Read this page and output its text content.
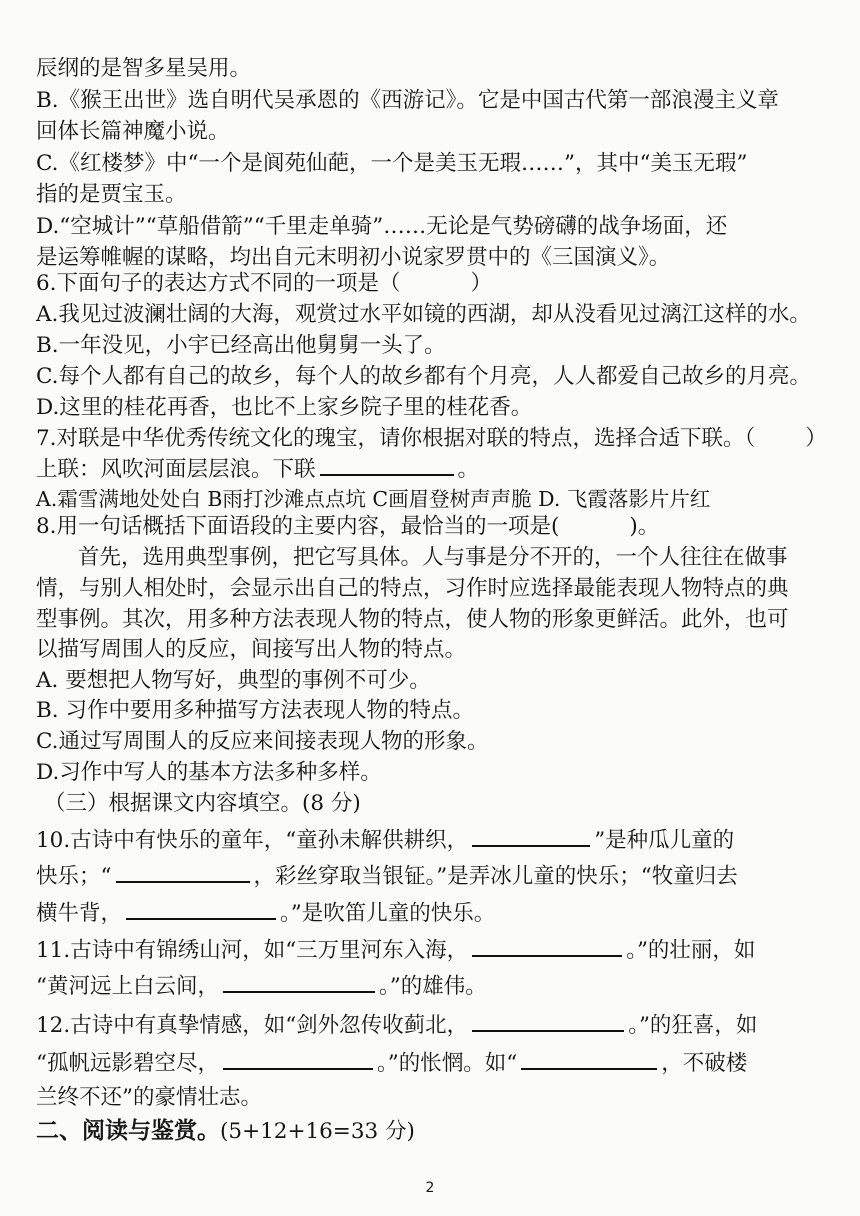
辰纲的是智多星吴用。
B.《猴王出世》选自明代吴承恩的《西游记》。它是中国古代第一部浪漫主义章
回体长篇神魔小说。
C.《红楼梦》中“一个是阆苑仙葩，一个是美玉无瑕……”，其中“美玉无瑕”
指的是贾宝玉。
D.“空城计”“草船借箭”“千里走单骑”……无论是气势磅礴的战争场面，还
是运筹帷幄的谋略，均出自元末明初小说家罗贯中的《三国演义》。
6.下面句子的表达方式不同的一项是（	）
A.我见过波澜壮阔的大海，观赏过水平如镜的西湖，却从没看见过漓江这样的水。
B.一年没见，小宇已经高出他舅舅一头了。
C.每个人都有自己的故乡，每个人的故乡都有个月亮，人人都爱自己故乡的月亮。
D.这里的桂花再香，也比不上家乡院子里的桂花香。
7.对联是中华优秀传统文化的瑰宝，请你根据对联的特点，选择合适下联。（ ）
上联：风吹河面层层浪。下联	。
A.霜雪满地处处白 B雨打沙滩点点坑 C画眉登树声声脆 D. 飞霞落影片片红
8.用一句话概括下面语段的主要内容，最恰当的一项是(	)。
首先，选用典型事例，把它写具体。人与事是分不开的，一个人往往在做事
情，与别人相处时，会显示出自己的特点，习作时应选择最能表现人物特点的典
型事例。其次，用多种方法表现人物的特点，使人物的形象更鲜活。此外，也可
以描写周围人的反应，间接写出人物的特点。
A. 要想把人物写好，典型的事例不可少。
B. 习作中要用多种描写方法表现人物的特点。
C.通过写周围人的反应来间接表现人物的形象。
D.习作中写人的基本方法多种多样。
（三）根据课文内容填空。(8 分)
10.古诗中有快乐的童年，“童孙未解供耕织，	”是种瓜儿童的
快乐；“	，彩丝穿取当银钲。”是弄冰儿童的快乐；“牧童归去
横牛背，	。”是吹笛儿童的快乐。
11.古诗中有锦绣山河，如“三万里河东入海，	。”的壮丽，如
“黄河远上白云间，	。”的雄伟。
12.古诗中有真挚情感，如“剑外忽传收蓟北，	。”的狂喜，如
“孤帆远影碧空尽，	。”的怅惘。如“	，不破楼
兰终不还”的豪情壮志。
二、阅读与鉴赏。(5+12+16=33 分)
2
